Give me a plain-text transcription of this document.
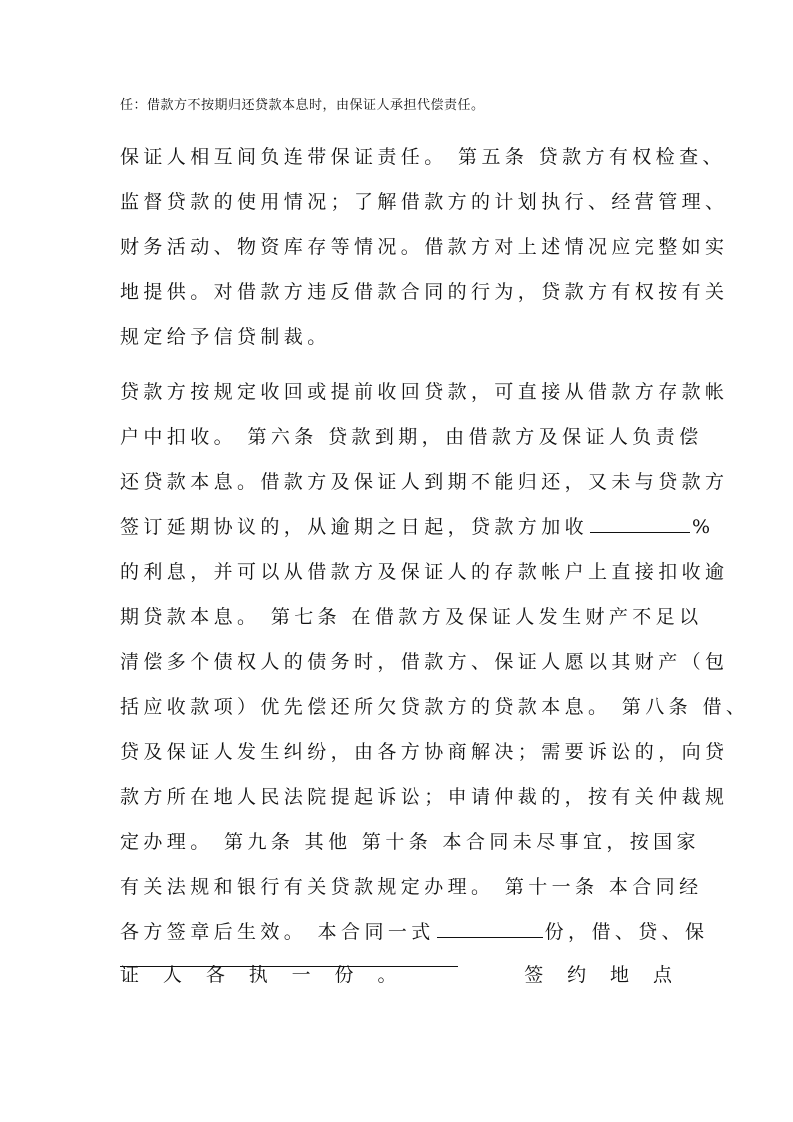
任：借款方不按期归还贷款本息时，由保证人承担代偿责任。
保证人相互间负连带保证责任。 第五条 贷款方有权检查、
监督贷款的使用情况；了解借款方的计划执行、经营管理、
财务活动、物资库存等情况。借款方对上述情况应完整如实
地提供。对借款方违反借款合同的行为，贷款方有权按有关
规定给予信贷制裁。
贷款方按规定收回或提前收回贷款，可直接从借款方存款帐
户中扣收。 第六条 贷款到期，由借款方及保证人负责偿
还贷款本息。借款方及保证人到期不能归还，又未与贷款方
签订延期协议的，从逾期之日起，贷款方加收	%
的利息，并可以从借款方及保证人的存款帐户上直接扣收逾
期贷款本息。 第七条 在借款方及保证人发生财产不足以
清偿多个债权人的债务时，借款方、保证人愿以其财产（包
括应收款项）优先偿还所欠贷款方的贷款本息。 第八条 借、
贷及保证人发生纠纷，由各方协商解决；需要诉讼的，向贷
款方所在地人民法院提起诉讼；申请仲裁的，按有关仲裁规
定办理。 第九条 其他 第十条 本合同未尽事宜，按国家
有关法规和银行有关贷款规定办理。 第十一条 本合同经
各方签章后生效。 本合同一式	份，借、贷、保
证 人 各 执 一 份 。	签 约 地 点
